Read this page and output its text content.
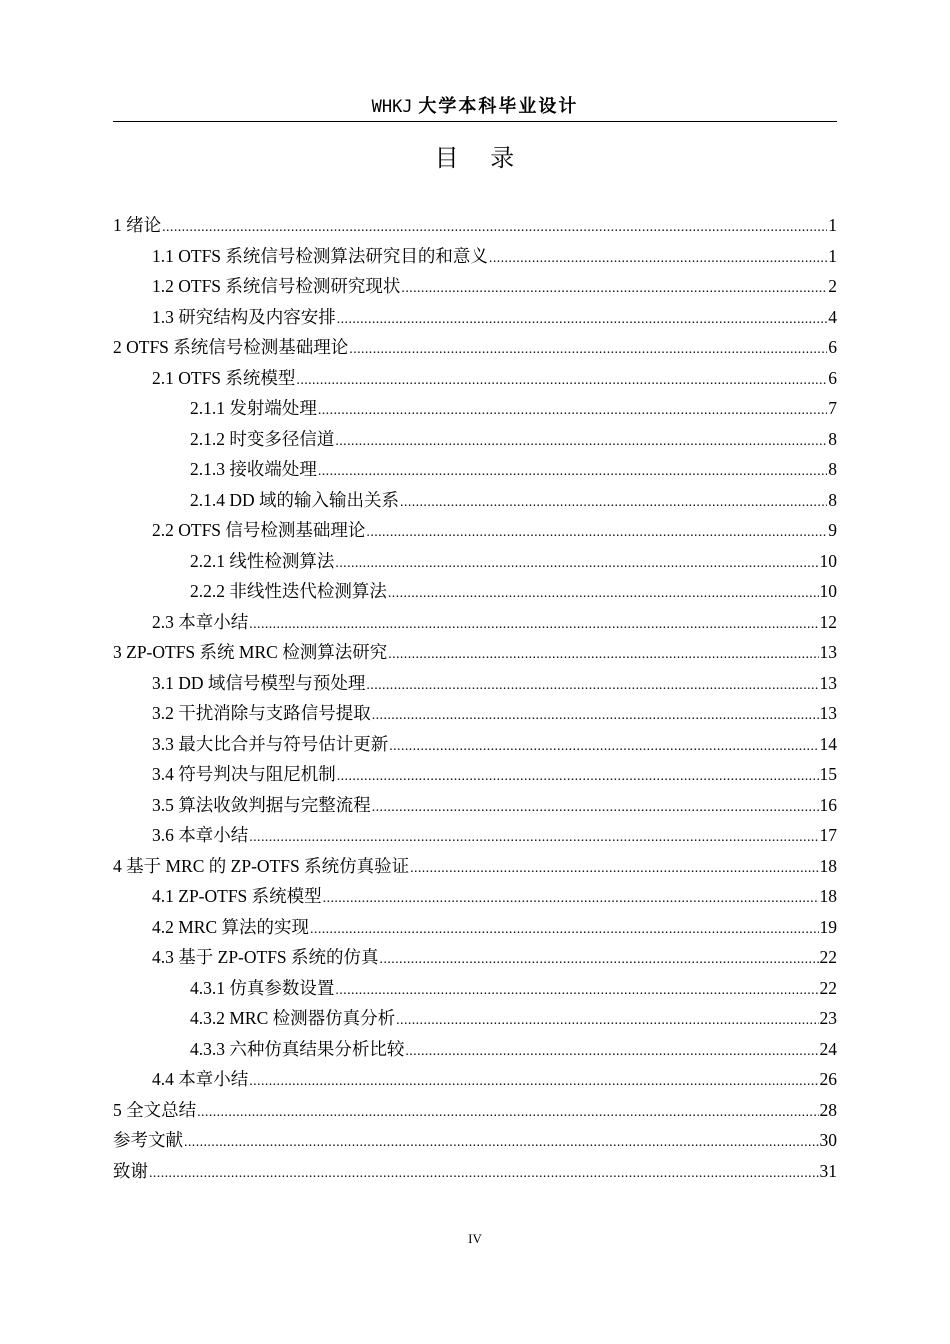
WHKJ 大学本科毕业设计
目 录
1 绪论 .....	1
1.1 OTFS 系统信号检测算法研究目的和意义 .....	1
1.2 OTFS 系统信号检测研究现状 .....	2
1.3 研究结构及内容安排 .....	4
2 OTFS 系统信号检测基础理论 .....	6
2.1 OTFS 系统模型 .....	6
2.1.1 发射端处理 .....	7
2.1.2 时变多径信道 .....	8
2.1.3 接收端处理 .....	8
2.1.4 DD 域的输入输出关系 .....	8
2.2 OTFS 信号检测基础理论 .....	9
2.2.1 线性检测算法 .....	10
2.2.2 非线性迭代检测算法 .....	10
2.3 本章小结 .....	12
3 ZP-OTFS 系统 MRC 检测算法研究 .....	13
3.1 DD 域信号模型与预处理 .....	13
3.2 干扰消除与支路信号提取 .....	13
3.3 最大比合并与符号估计更新 .....	14
3.4 符号判决与阻尼机制 .....	15
3.5 算法收敛判据与完整流程 .....	16
3.6 本章小结 .....	17
4 基于 MRC 的 ZP-OTFS 系统仿真验证 .....	18
4.1 ZP-OTFS 系统模型 .....	18
4.2 MRC 算法的实现 .....	19
4.3 基于 ZP-OTFS 系统的仿真 .....	22
4.3.1 仿真参数设置 .....	22
4.3.2 MRC 检测器仿真分析 .....	23
4.3.3 六种仿真结果分析比较 .....	24
4.4 本章小结 .....	26
5 全文总结 .....	28
参考文献 .....	30
致谢 .....	31
IV
